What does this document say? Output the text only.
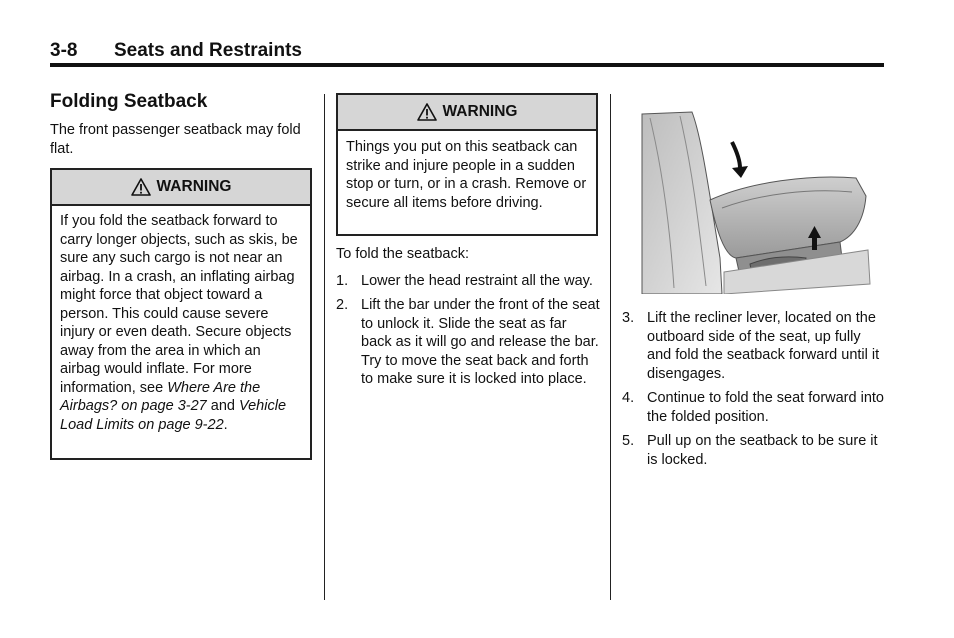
3-8 Seats and Restraints
Folding Seatback

The front passenger seatback may fold flat.

WARNING
If you fold the seatback forward to carry longer objects, such as skis, be sure any such cargo is not near an airbag. In a crash, an inflating airbag might force that object toward a person. This could cause severe injury or even death. Secure objects away from the area in which an airbag would inflate. For more information, see Where Are the Airbags? on page 3-27 and Vehicle Load Limits on page 9-22.
WARNING
Things you put on this seatback can strike and injure people in a sudden stop or turn, or in a crash. Remove or secure all items before driving.

To fold the seatback:

1. Lower the head restraint all the way.
2. Lift the bar under the front of the seat to unlock it. Slide the seat as far back as it will go and release the bar. Try to move the seat back and forth to make sure it is locked into place.
3. Lift the recliner lever, located on the outboard side of the seat, up fully and fold the seatback forward until it disengages.
4. Continue to fold the seat forward into the folded position.
5. Pull up on the seatback to be sure it is locked.
